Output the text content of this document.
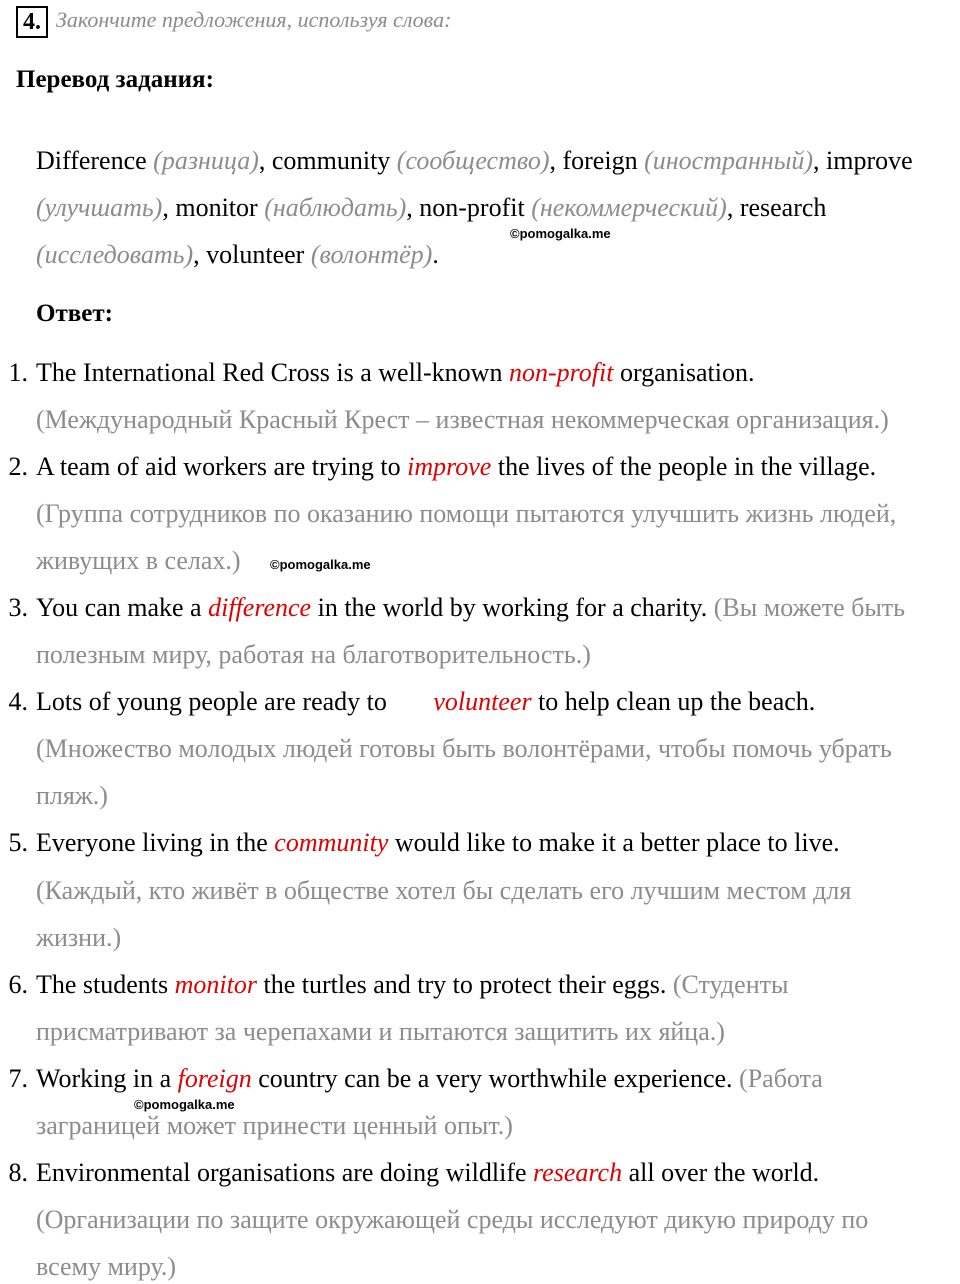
4. Закончите предложения, используя слова:
Перевод задания:
Difference (разница), community (сообщество), foreign (иностранный), improve
(улучшать), monitor (наблюдать), non-profit (некоммерческий), research
©pomogalka.me
(исследовать), volunteer (волонтёр).
Ответ:
1. The International Red Cross is a well-known non-profit organisation.
(Международный Красный Крест – известная некоммерческая организация.)
2. A team of aid workers are trying to improve the lives of the people in the village.
(Группа сотрудников по оказанию помощи пытаются улучшить жизнь людей,
живущих в селах.) ©pomogalka.me
3. You can make a difference in the world by working for a charity. (Вы можете быть
полезным миру, работая на благотворительность.)
4. Lots of young people are ready to volunteer to help clean up the beach.
(Множество молодых людей готовы быть волонтёрами, чтобы помочь убрать
пляж.)
5. Everyone living in the community would like to make it a better place to live.
(Каждый, кто живёт в обществе хотел бы сделать его лучшим местом для
жизни.)
6. The students monitor the turtles and try to protect their eggs. (Студенты
присматривают за черепахами и пытаются защитить их яйца.)
7. Working in a foreign country can be a very worthwhile experience. (Работа
©pomogalka.me
заграницей может принести ценный опыт.)
8. Environmental organisations are doing wildlife research all over the world.
(Организации по защите окружающей среды исследуют дикую природу по
всему миру.)
